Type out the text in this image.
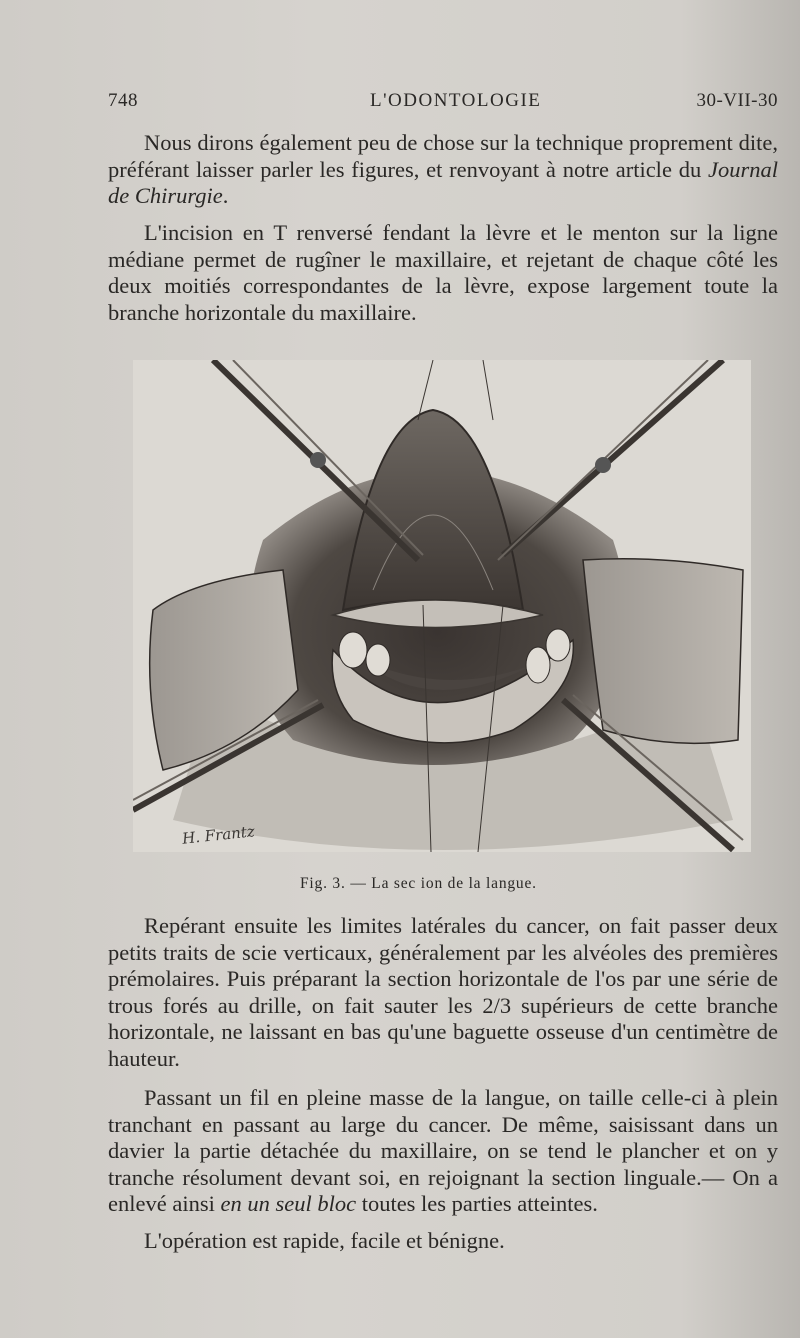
748	L'ODONTOLOGIE	30-VII-30

Nous dirons également peu de chose sur la technique proprement dite, préférant laisser parler les figures, et renvoyant à notre article du Journal de Chirurgie.

L'incision en T renversé fendant la lèvre et le menton sur la ligne médiane permet de rugîner le maxillaire, et rejetant de chaque côté les deux moitiés correspondantes de la lèvre, expose largement toute la branche horizontale du maxillaire.

H. Frantz
Fig. 3. — La sec ion de la langue.

Repérant ensuite les limites latérales du cancer, on fait passer deux petits traits de scie verticaux, généralement par les alvéoles des premières prémolaires. Puis préparant la section horizontale de l'os par une série de trous forés au drille, on fait sauter les 2/3 supérieurs de cette branche horizontale, ne laissant en bas qu'une baguette osseuse d'un centimètre de hauteur.

Passant un fil en pleine masse de la langue, on taille celle-ci à plein tranchant en passant au large du cancer. De même, saisissant dans un davier la partie détachée du maxillaire, on se tend le plancher et on y tranche résolument devant soi, en rejoignant la section linguale.— On a enlevé ainsi en un seul bloc toutes les parties atteintes.

L'opération est rapide, facile et bénigne.
